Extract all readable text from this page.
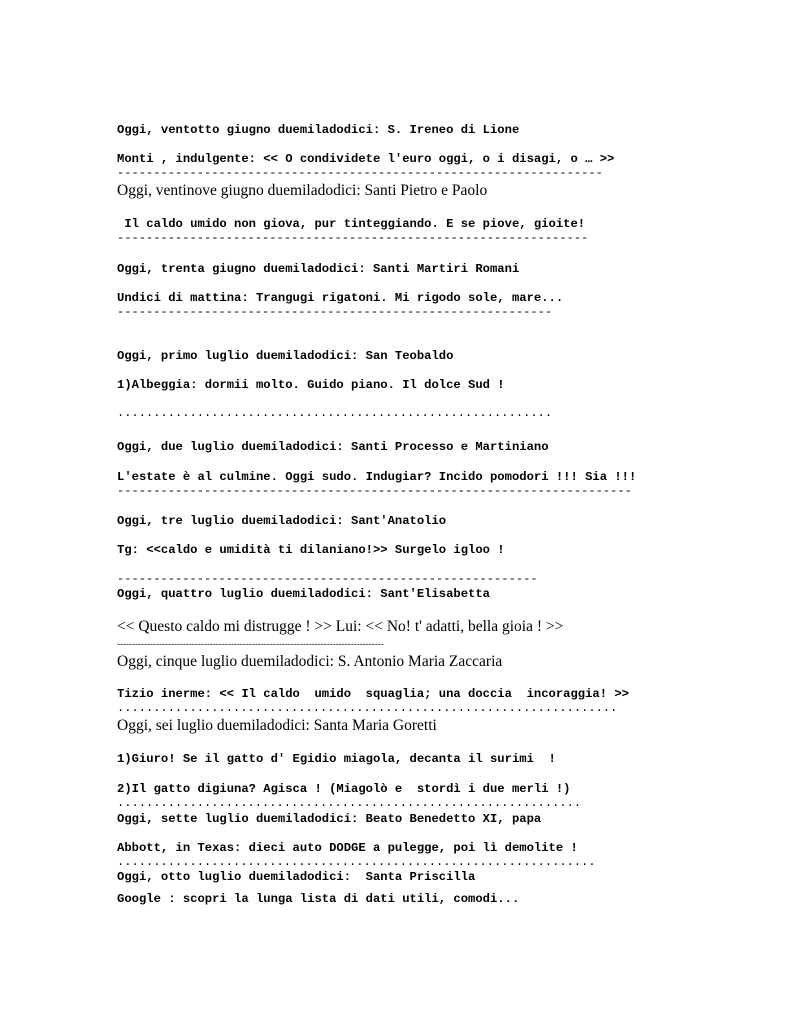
Oggi, ventotto giugno duemiladodici: S. Ireneo di Lione
Monti , indulgente: << O condividete l'euro oggi, o i disagi, o … >>
-------------------------------------------------------------------
Oggi, ventinove giugno duemiladodici: Santi Pietro e Paolo
Il caldo umido non giova, pur tinteggiando. E se piove, gioite!
-----------------------------------------------------------------
Oggi, trenta giugno duemiladodici: Santi Martiri Romani
Undici di mattina: Trangugi rigatoni. Mi rigodo sole, mare...
------------------------------------------------------------
Oggi, primo luglio duemiladodici: San Teobaldo
1)Albeggia: dormii molto. Guido piano. Il dolce Sud !
............................................................
Oggi, due luglio duemiladodici: Santi Processo e Martiniano
L'estate è al culmine. Oggi sudo. Indugiar? Incido pomodori !!! Sia !!!
-----------------------------------------------------------------------
Oggi, tre luglio duemiladodici: Sant'Anatolio
Tg: <<caldo e umidità ti dilaniano!>> Surgelo igloo !
----------------------------------------------------------
Oggi, quattro luglio duemiladodici: Sant'Elisabetta
<< Questo caldo mi distrugge ! >> Lui: << No! t' adatti, bella gioia ! >>
-----------------------------------------------------------------------------------------
Oggi, cinque luglio duemiladodici: S. Antonio Maria Zaccaria
Tizio inerme: << Il caldo  umido  squaglia; una doccia  incoraggia! >>
.....................................................................
Oggi, sei luglio duemiladodici: Santa Maria Goretti
1)Giuro! Se il gatto d' Egidio miagola, decanta il surimi  !
2)Il gatto digiuna? Agisca ! (Miagolò e  stordì i due merli !)
................................................................
Oggi, sette luglio duemiladodici: Beato Benedetto XI, papa
Abbott, in Texas: dieci auto DODGE a pulegge, poi lì demolite !
..................................................................
Oggi, otto luglio duemiladodici:  Santa Priscilla
Google : scopri la lunga lista di dati utili, comodi...
